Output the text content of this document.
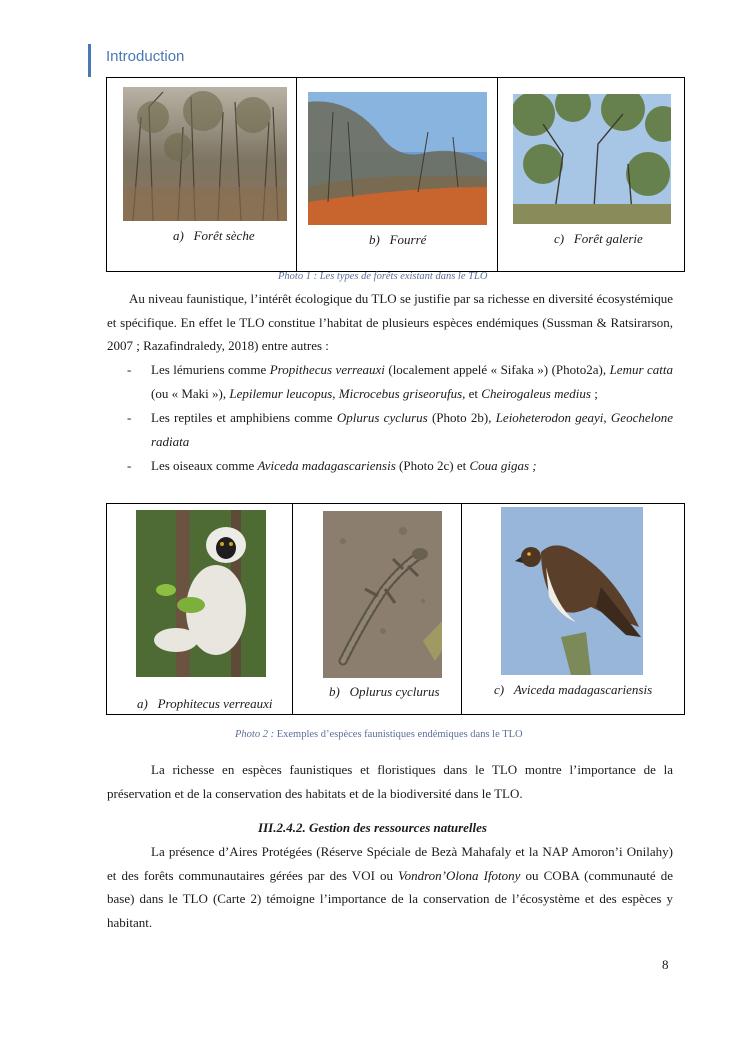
Introduction
a) Forêt sèche	b) Fourré	c) Forêt galerie
Photo 1 : Les types de forêts existant dans le TLO

Au niveau faunistique, l’intérêt écologique du TLO se justifie par sa richesse en diversité écosystémique et spécifique. En effet le TLO constitue l’habitat de plusieurs espèces endémiques (Sussman & Ratsirarson, 2007 ; Razafindraledy, 2018) entre autres :

- Les lémuriens comme Propithecus verreauxi (localement appelé « Sifaka ») (Photo2a), Lemur catta (ou « Maki »), Lepilemur leucopus, Microcebus griseorufus, et Cheirogaleus medius ;
- Les reptiles et amphibiens comme Oplurus cyclurus (Photo 2b), Leioheterodon geayi, Geochelone radiata
- Les oiseaux comme Aviceda madagascariensis (Photo 2c) et Coua gigas ;
a) Prophitecus verreauxi

b) Oplurus cyclurus	c) Aviceda madagascariensis
Photo 2 : Exemples d’espèces faunistiques endémiques dans le TLO

La richesse en espèces faunistiques et floristiques dans le TLO montre l’importance de la préservation et de la conservation des habitats et de la biodiversité dans le TLO.

III.2.4.2. Gestion des ressources naturelles

La présence d’Aires Protégées (Réserve Spéciale de Bezà Mahafaly et la NAP Amoron’i Onilahy) et des forêts communautaires gérées par des VOI ou Vondron’Olona Ifotony ou COBA (communauté de base) dans le TLO (Carte 2) témoigne l’importance de la conservation de l’écosystème et des espèces y habitant.

8
